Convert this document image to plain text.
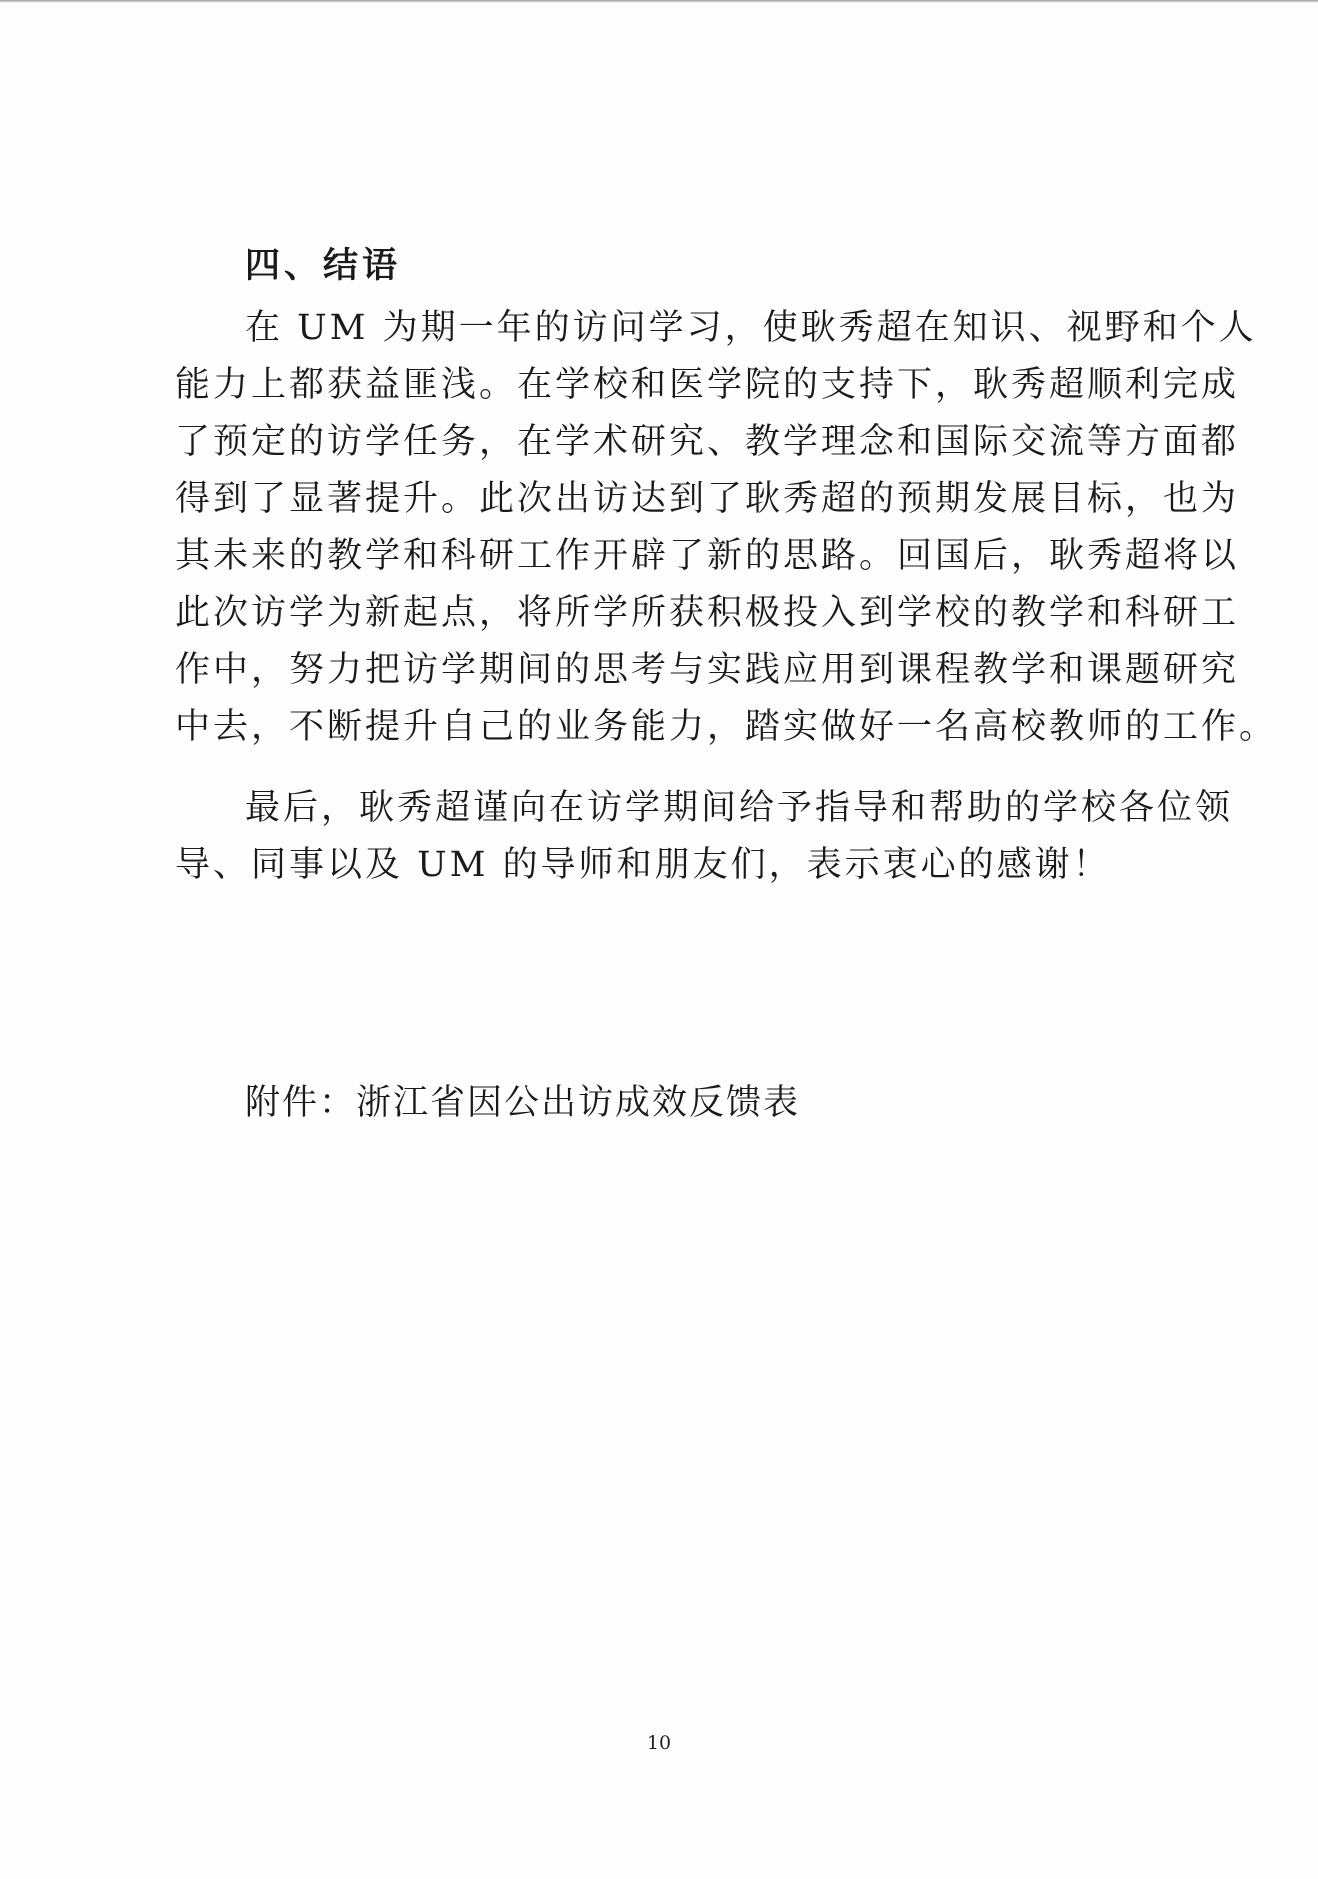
四、结语

在 UM 为期一年的访问学习，使耿秀超在知识、视野和个人

能力上都获益匪浅。在学校和医学院的支持下，耿秀超顺利完成

了预定的访学任务，在学术研究、教学理念和国际交流等方面都

得到了显著提升。此次出访达到了耿秀超的预期发展目标，也为

其未来的教学和科研工作开辟了新的思路。回国后，耿秀超将以

此次访学为新起点，将所学所获积极投入到学校的教学和科研工

作中，努力把访学期间的思考与实践应用到课程教学和课题研究

中去，不断提升自己的业务能力，踏实做好一名高校教师的工作。

最后，耿秀超谨向在访学期间给予指导和帮助的学校各位领

导、同事以及 UM 的导师和朋友们，表示衷心的感谢！

附件：浙江省因公出访成效反馈表

10
